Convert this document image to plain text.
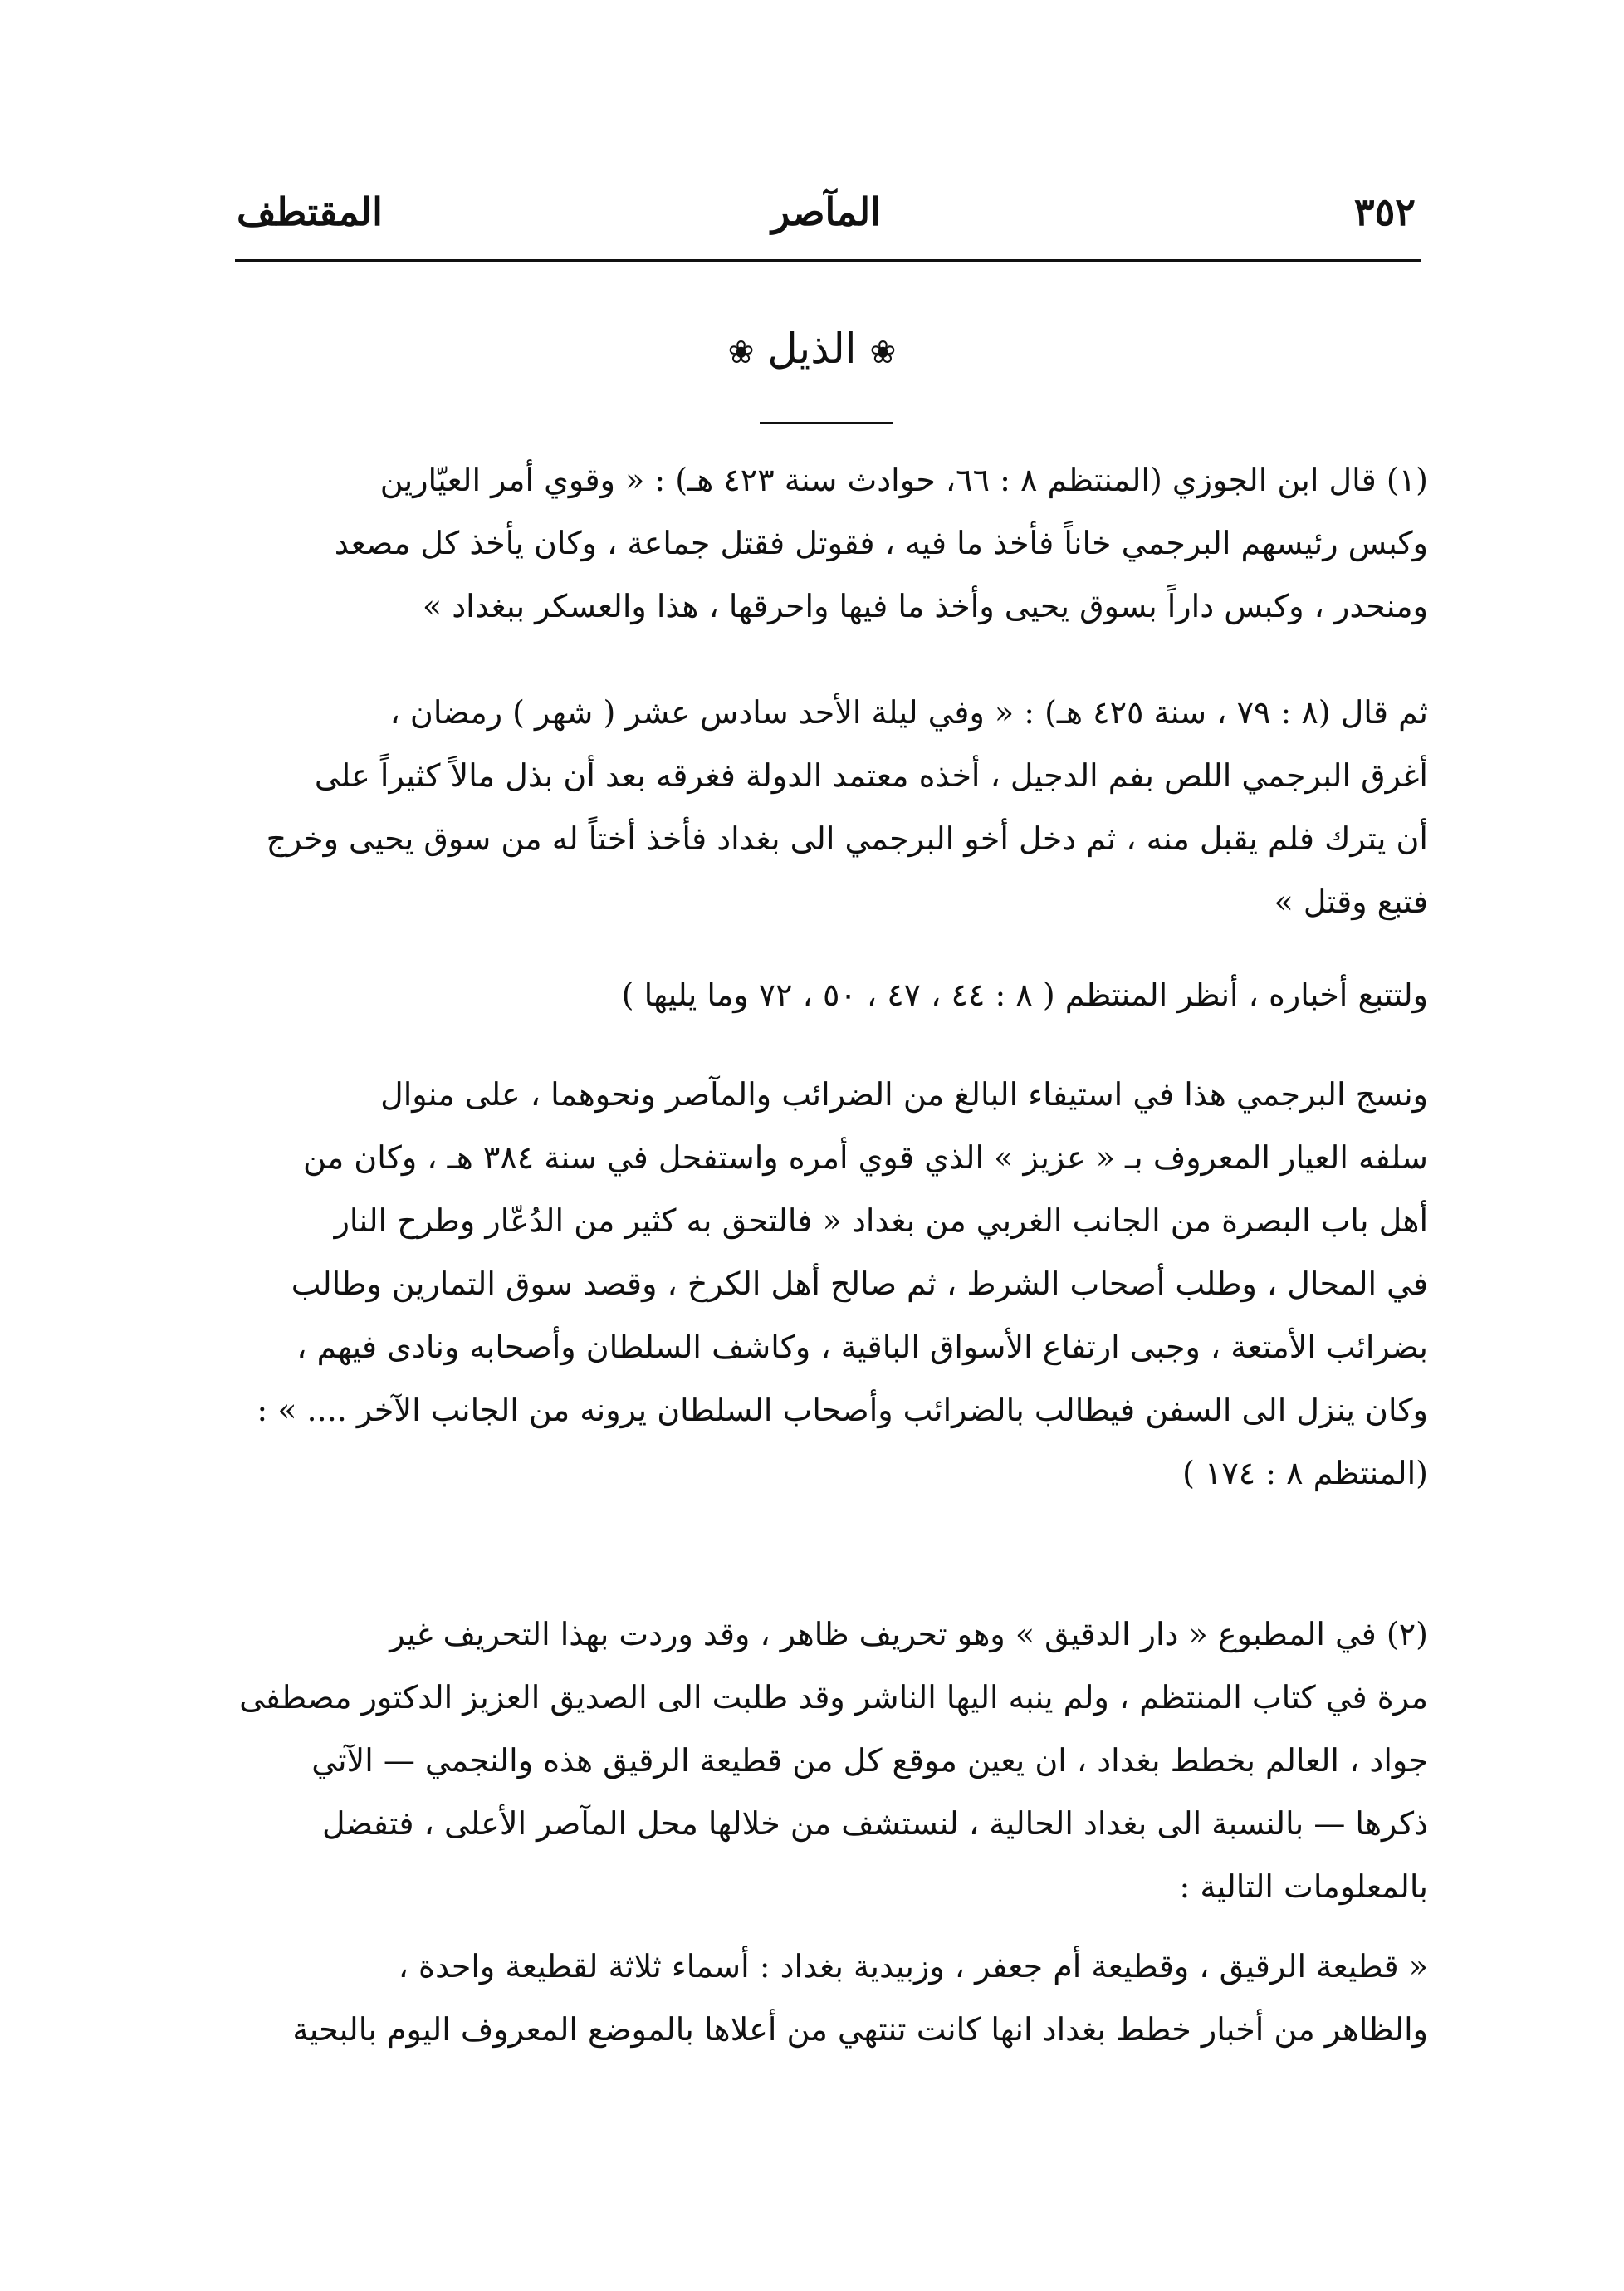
٣٥٢
المآصر
المقتطف
❀ الذيل ❀
(١) قال ابن الجوزي (المنتظم ٨ : ٦٦، حوادث سنة ٤٢٣ هـ) : « وقوي أمر العيّارين
وكبس رئيسهم البرجمي خاناً فأخذ ما فيه ، فقوتل فقتل جماعة ، وكان يأخذ كل مصعد
ومنحدر ، وكبس داراً بسوق يحيى وأخذ ما فيها واحرقها ، هذا والعسكر ببغداد »
ثم قال (٨ : ٧٩ ، سنة ٤٢٥ هـ) : « وفي ليلة الأحد سادس عشر ( شهر ) رمضان ،
أغرق البرجمي اللص بفم الدجيل ، أخذه معتمد الدولة فغرقه بعد أن بذل مالاً كثيراً على
أن يترك فلم يقبل منه ، ثم دخل أخو البرجمي الى بغداد فأخذ أختاً له من سوق يحيى وخرج
فتبع وقتل »
ولتتبع أخباره ، أنظر المنتظم ( ٨ : ٤٤ ، ٤٧ ، ٥٠ ، ٧٢ وما يليها )
ونسج البرجمي هذا في استيفاء البالغ من الضرائب والمآصر ونحوهما ، على منوال
سلفه العيار المعروف بـ « عزيز » الذي قوي أمره واستفحل في سنة ٣٨٤ هـ ، وكان من
أهل باب البصرة من الجانب الغربي من بغداد « فالتحق به كثير من الدُعّار وطرح النار
في المحال ، وطلب أصحاب الشرط ، ثم صالح أهل الكرخ ، وقصد سوق التمارين وطالب
بضرائب الأمتعة ، وجبى ارتفاع الأسواق الباقية ، وكاشف السلطان وأصحابه ونادى فيهم ،
وكان ينزل الى السفن فيطالب بالضرائب وأصحاب السلطان يرونه من الجانب الآخر .... » :
(المنتظم ٨ : ١٧٤ )
(٢) في المطبوع « دار الدقيق » وهو تحريف ظاهر ، وقد وردت بهذا التحريف غير
مرة في كتاب المنتظم ، ولم ينبه اليها الناشر وقد طلبت الى الصديق العزيز الدكتور مصطفى
جواد ، العالم بخطط بغداد ، ان يعين موقع كل من قطيعة الرقيق هذه والنجمي — الآتي
ذكرها — بالنسبة الى بغداد الحالية ، لنستشف من خلالها محل المآصر الأعلى ، فتفضل
بالمعلومات التالية :
« قطيعة الرقيق ، وقطيعة أم جعفر ، وزبيدية بغداد : أسماء ثلاثة لقطيعة واحدة ،
والظاهر من أخبار خطط بغداد انها كانت تنتهي من أعلاها بالموضع المعروف اليوم بالبحية
